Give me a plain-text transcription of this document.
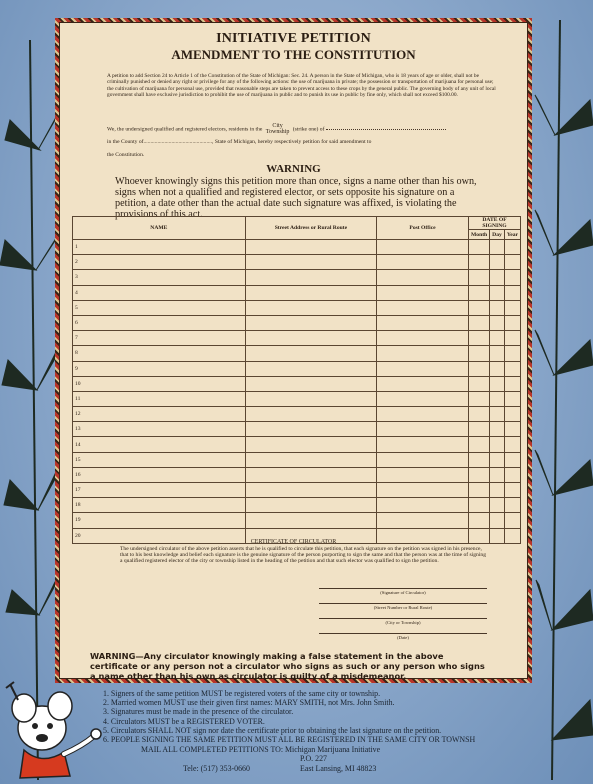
INITIATIVE PETITION
AMENDMENT TO THE CONSTITUTION
A petition to add Section 24 to Article 1 of the Constitution of the State of Michigan: Sec. 24. A person in the State of Michigan, who is 18 years of age or older, shall not be criminally punished or denied any right or privilege for any of the following actions: the use of marijuana in private; the possession or transportation of marijuana for personal use; the cultivation of marijuana for personal use, provided that reasonable steps are taken to prevent access to these crops by the general public. The governing body of any unit of local government shall have exclusive jurisdiction to prohibit the use of marijuana in public and to punish its use in public by fine only, which shall not exceed $100.00.
We, the undersigned qualified and registered electors, residents in the City
Township (strike one) of
in the County of................................................., State of Michigan, hereby respectively petition for said amendment to
the Constitution.
WARNING
Whoever knowingly signs this petition more than once, signs a name other than his own, signs when not a qualified and registered elector, or sets opposite his signature on a petition, a date other than the actual date such signature was affixed, is violating the provisions of this act.
NAME	Street Address or Rural Route	Post Office	DATE OF SIGNING		
			Month	Day	Year
1					
2					
3					
4					
5					
6					
7					
8					
9					
10					
11					
12					
13					
14					
15					
16					
17					
18					
19					
20					
CERTIFICATE OF CIRCULATOR
The undersigned circulator of the above petition asserts that he is qualified to circulate this petition, that each signature on the petition was signed in his presence, that to his best knowledge and belief each signature is the genuine signature of the person purporting to sign the same and that the person was at the time of signing a qualified registered elector of the city or township listed in the heading of the petition and that such elector was qualified to sign the petition.
(Signature of Circulator)
(Street Number or Rural Route)
(City or Township)
(Date)
WARNING—Any circulator knowingly making a false statement in the above certificate or any person not a circulator who signs as such or any person who signs a name other than his own as circulator is guilty of a misdemeanor.
1. Signers of the same petition MUST be registered voters of the same city or township.
2. Married women MUST use their given first names: MARY SMITH, not Mrs. John Smith.
3. Signatures must be made in the presence of the circulator.
4. Circulators MUST be a REGISTERED VOTER.
5. Circulators SHALL NOT sign nor date the certificate prior to obtaining the last signature on the petition.
6. PEOPLE SIGNING THE SAME PETITION MUST ALL BE REGISTERED IN THE SAME CITY OR TOWNSH
MAIL ALL COMPLETED PETITIONS TO: Michigan Marijuana Initiative
P.O. 227
Tele: (517) 353-0660	East Lansing, MI 48823
